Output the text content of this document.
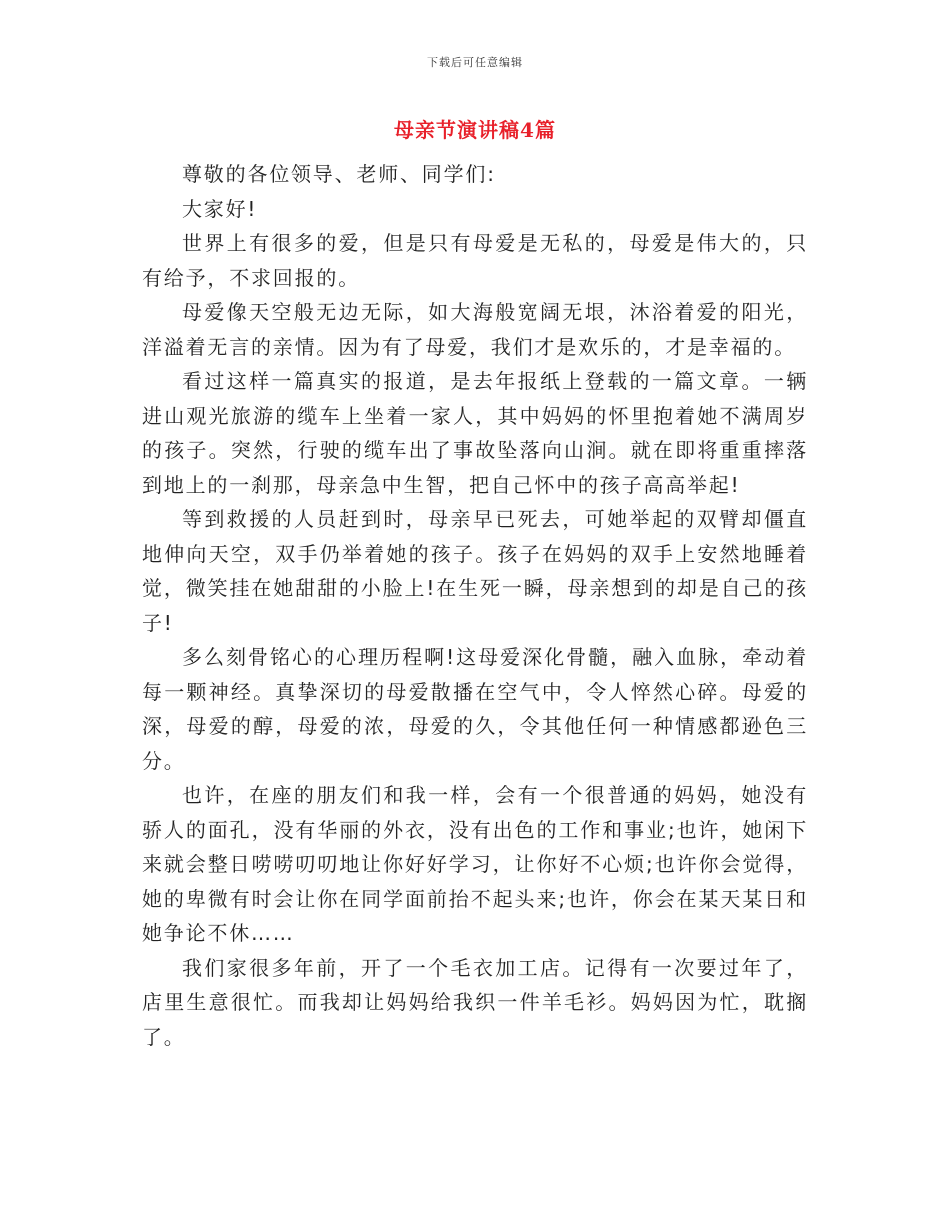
下载后可任意编辑
母亲节演讲稿4篇

尊敬的各位领导、老师、同学们:

大家好!

世界上有很多的爱，但是只有母爱是无私的，母爱是伟大的，只有给予，不求回报的。

母爱像天空般无边无际，如大海般宽阔无垠，沐浴着爱的阳光，洋溢着无言的亲情。因为有了母爱，我们才是欢乐的，才是幸福的。

看过这样一篇真实的报道，是去年报纸上登载的一篇文章。一辆进山观光旅游的缆车上坐着一家人，其中妈妈的怀里抱着她不满周岁的孩子。突然，行驶的缆车出了事故坠落向山涧。就在即将重重摔落到地上的一刹那，母亲急中生智，把自己怀中的孩子高高举起!

等到救援的人员赶到时，母亲早已死去，可她举起的双臂却僵直地伸向天空，双手仍举着她的孩子。孩子在妈妈的双手上安然地睡着觉，微笑挂在她甜甜的小脸上!在生死一瞬，母亲想到的却是自己的孩子!

多么刻骨铭心的心理历程啊!这母爱深化骨髓，融入血脉，牵动着每一颗神经。真挚深切的母爱散播在空气中，令人悴然心碎。母爱的深，母爱的醇，母爱的浓，母爱的久，令其他任何一种情感都逊色三分。

也许，在座的朋友们和我一样，会有一个很普通的妈妈，她没有骄人的面孔，没有华丽的外衣，没有出色的工作和事业;也许，她闲下来就会整日唠唠叨叨地让你好好学习，让你好不心烦;也许你会觉得，她的卑微有时会让你在同学面前抬不起头来;也许，你会在某天某日和她争论不休……

我们家很多年前，开了一个毛衣加工店。记得有一次要过年了，店里生意很忙。而我却让妈妈给我织一件羊毛衫。妈妈因为忙，耽搁了。
